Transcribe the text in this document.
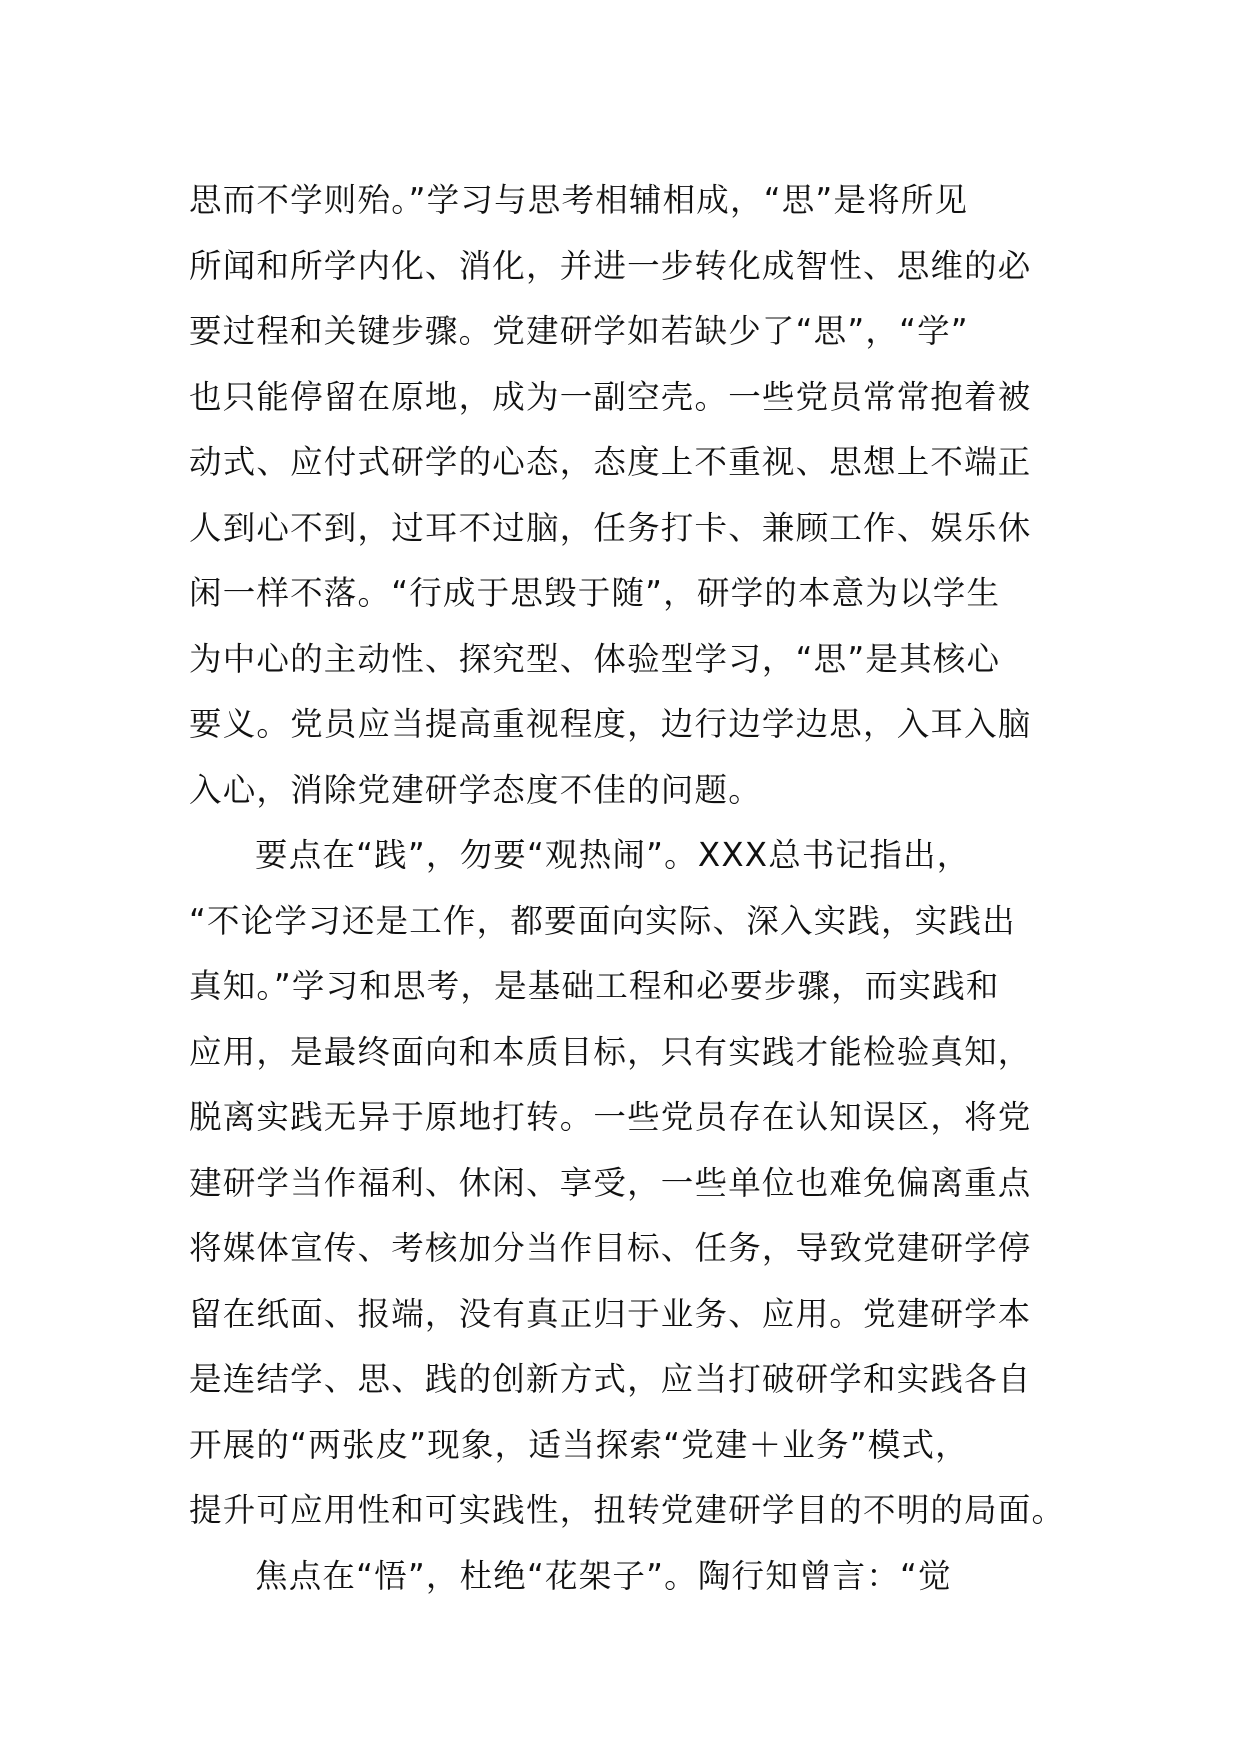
思而不学则殆。”学习与思考相辅相成，“思”是将所见
所闻和所学内化、消化，并进一步转化成智性、思维的必
要过程和关键步骤。党建研学如若缺少了“思”，“学”
也只能停留在原地，成为一副空壳。一些党员常常抱着被
动式、应付式研学的心态，态度上不重视、思想上不端正
人到心不到，过耳不过脑，任务打卡、兼顾工作、娱乐休
闲一样不落。“行成于思毁于随”，研学的本意为以学生
为中心的主动性、探究型、体验型学习，“思”是其核心
要义。党员应当提高重视程度，边行边学边思，入耳入脑
入心，消除党建研学态度不佳的问题。
要点在“践”，勿要“观热闹”。XXX总书记指出，
“不论学习还是工作，都要面向实际、深入实践，实践出
真知。”学习和思考，是基础工程和必要步骤，而实践和
应用，是最终面向和本质目标，只有实践才能检验真知，
脱离实践无异于原地打转。一些党员存在认知误区，将党
建研学当作福利、休闲、享受，一些单位也难免偏离重点
将媒体宣传、考核加分当作目标、任务，导致党建研学停
留在纸面、报端，没有真正归于业务、应用。党建研学本
是连结学、思、践的创新方式，应当打破研学和实践各自
开展的“两张皮”现象，适当探索“党建＋业务”模式，
提升可应用性和可实践性，扭转党建研学目的不明的局面。
焦点在“悟”，杜绝“花架子”。陶行知曾言：“觉
